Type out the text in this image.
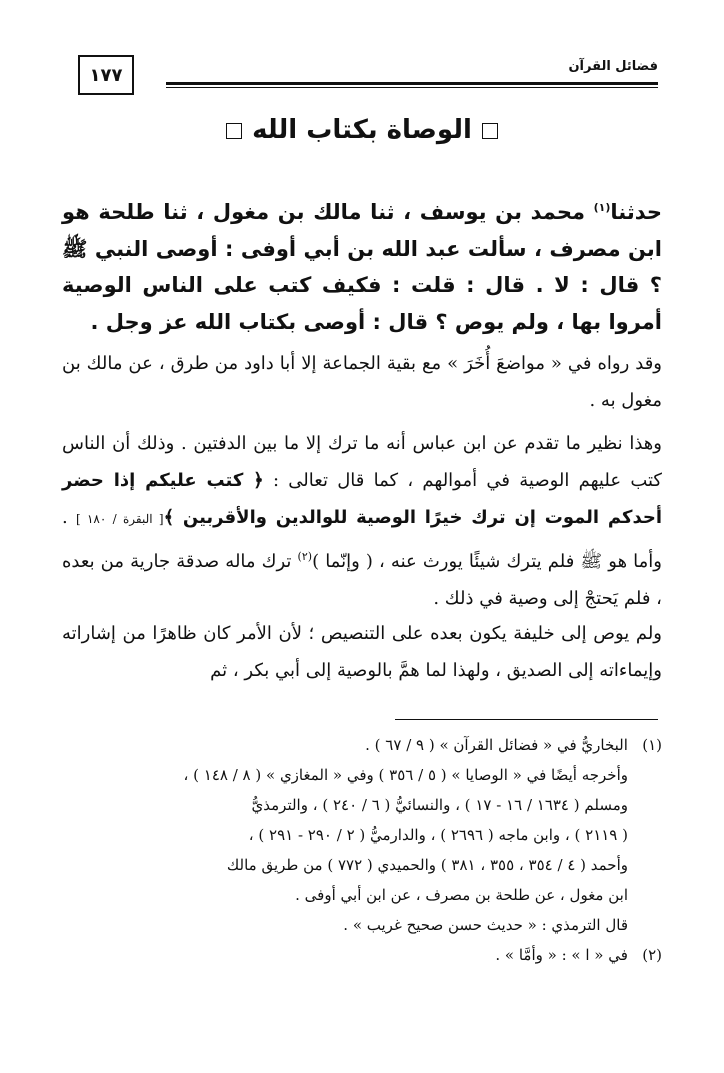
١٧٧	فضائل القرآن
الوصاة بكتاب الله
حدثنا$^{(١)}$ محمد بن يوسف ، ثنا مالك بن مغول ، ثنا طلحة هو ابن مصرف ، سألت عبد الله بن أبي أوفى : أوصى النبي ﷺ ؟ قال : لا . قال : قلت : فكيف كتب على الناس الوصية أمروا بها ، ولم يوص ؟ قال : أوصى بكتاب الله عز وجل .
وقد رواه في « مواضعَ أُخَرَ » مع بقية الجماعة إلا أبا داود من طرق ، عن مالك بن مغول به .
وهذا نظير ما تقدم عن ابن عباس أنه ما ترك إلا ما بين الدفتين . وذلك أن الناس كتب عليهم الوصية في أموالهم ، كما قال تعالى : ﴿ كتب عليكم إذا حضر أحدكم الموت إن ترك خيرًا الوصية للوالدين والأقربين ﴾[ البقرة / ١٨٠ ] . وأما هو ﷺ فلم يترك شيئًا يورث عنه ، ( وإنّما )$^{(٢)}$ ترك ماله صدقة جارية من بعده ، فلم يَحتجْ إلى وصية في ذلك .
ولم يوص إلى خليفة يكون بعده على التنصيص ؛ لأن الأمر كان ظاهرًا من إشاراته وإيماءاته إلى الصديق ، ولهذا لما همَّ بالوصية إلى أبي بكر ، ثم
(١)   البخاريُّ في « فضائل القرآن » ( ٩ / ٦٧ ) .
وأخرجه أيضًا في « الوصايا » ( ٥ / ٣٥٦ ) وفي « المغازي » ( ٨ / ١٤٨ ) ،
ومسلم ( ١٦٣٤ / ١٦ - ١٧ ) ، والنسائيُّ ( ٦ / ٢٤٠ ) ، والترمذيُّ
( ٢١١٩ ) ، وابن ماجه ( ٢٦٩٦ ) ، والدارميُّ ( ٢ / ٢٩٠ - ٢٩١ ) ،
وأحمد ( ٤ / ٣٥٤ ، ٣٥٥ ، ٣٨١ ) والحميدي ( ٧٧٢ ) من طريق مالك
ابن مغول ، عن طلحة بن مصرف ، عن ابن أبي أوفى .
قال الترمذي : « حديث حسن صحيح غريب » .
(٢)   في « ا » : « وأمَّا » .
